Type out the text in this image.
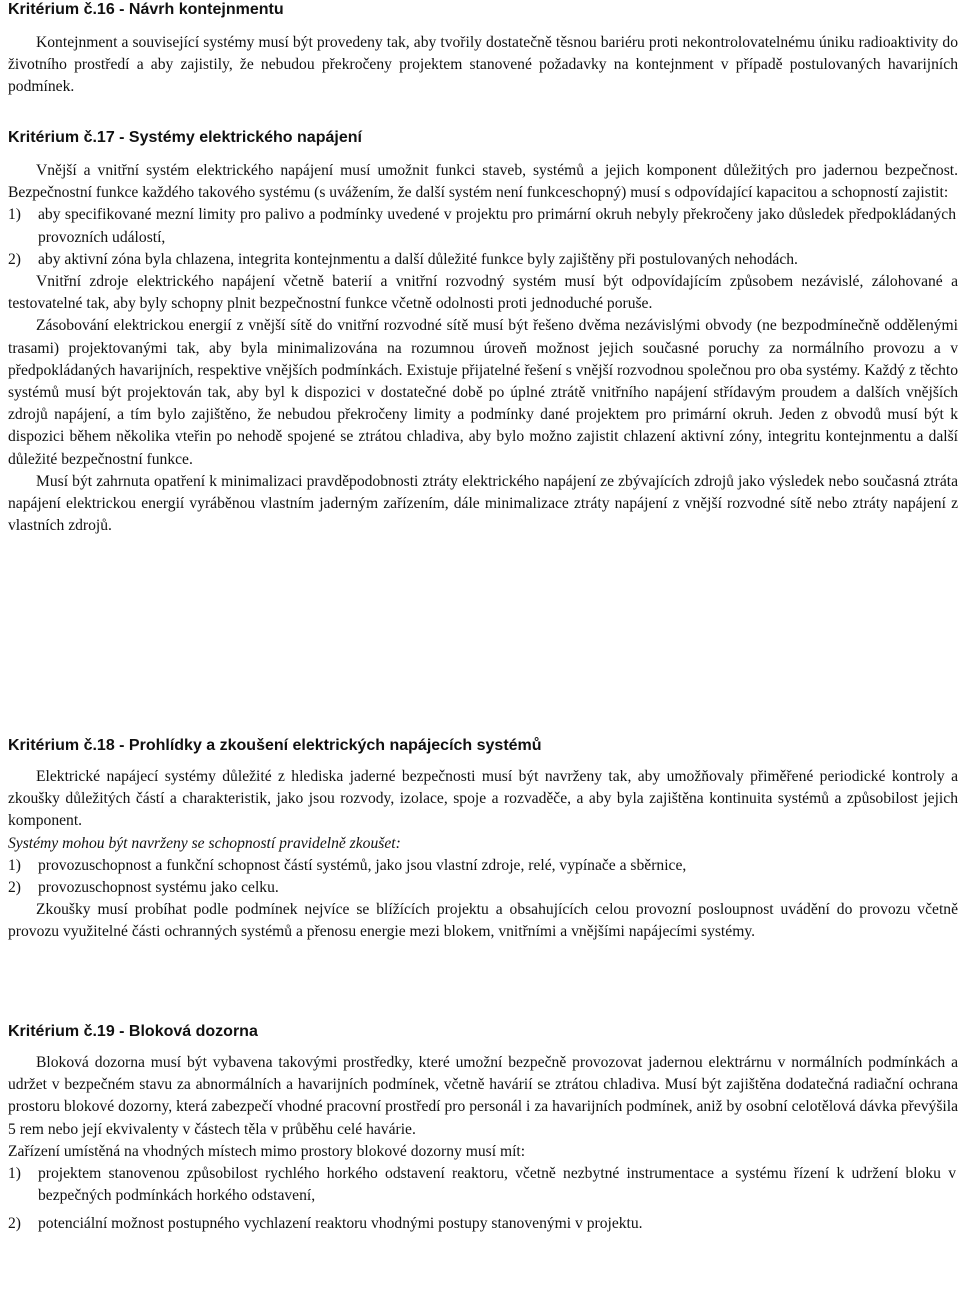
Kritérium č.16 - Návrh kontejnmentu

Kontejnment a související systémy musí být provedeny tak, aby tvořily dostatečně těsnou bariéru proti nekontrolovatelnému úniku radioaktivity do životního prostředí a aby zajistily, že nebudou překročeny projektem stanovené požadavky na kontejnment v případě postulovaných havarijních podmínek.

Kritérium č.17 - Systémy elektrického napájení

Vnější a vnitřní systém elektrického napájení musí umožnit funkci staveb, systémů a jejich komponent důležitých pro jadernou bezpečnost. Bezpečnostní funkce každého takového systému (s uvážením, že další systém není funkceschopný) musí s odpovídající kapacitou a schopností zajistit:

1)	aby specifikované mezní limity pro palivo a podmínky uvedené v projektu pro primární okruh nebyly překročeny jako důsledek předpokládaných provozních událostí,
2)	aby aktivní zóna byla chlazena, integrita kontejnmentu a další důležité funkce byly zajištěny při postulovaných nehodách.

Vnitřní zdroje elektrického napájení včetně baterií a vnitřní rozvodný systém musí být odpovídajícím způsobem nezávislé, zálohované a testovatelné tak, aby byly schopny plnit bezpečnostní funkce včetně odolnosti proti jednoduché poruše.

Zásobování elektrickou energií z vnější sítě do vnitřní rozvodné sítě musí být řešeno dvěma nezávislými obvody (ne bezpodmínečně oddělenými trasami) projektovanými tak, aby byla minimalizována na rozumnou úroveň možnost jejich současné poruchy za normálního provozu a v předpokládaných havarijních, respektive vnějších podmínkách. Existuje přijatelné řešení s vnější rozvodnou společnou pro oba systémy. Každý z těchto systémů musí být projektován tak, aby byl k dispozici v dostatečné době po úplné ztrátě vnitřního napájení střídavým proudem a dalších vnějších zdrojů napájení, a tím bylo zajištěno, že nebudou překročeny limity a podmínky dané projektem pro primární okruh. Jeden z obvodů musí být k dispozici během několika vteřin po nehodě spojené se ztrátou chladiva, aby bylo možno zajistit chlazení aktivní zóny, integritu kontejnmentu a další důležité bezpečnostní funkce.

Musí být zahrnuta opatření k minimalizaci pravděpodobnosti ztráty elektrického napájení ze zbývajících zdrojů jako výsledek nebo současná ztráta napájení elektrickou energií vyráběnou vlastním jaderným zařízením, dále minimalizace ztráty napájení z vnější rozvodné sítě nebo ztráty napájení z vlastních zdrojů.

Kritérium č.18 - Prohlídky a zkoušení elektrických napájecích systémů

Elektrické napájecí systémy důležité z hlediska jaderné bezpečnosti musí být navrženy tak, aby umožňovaly přiměřené periodické kontroly a zkoušky důležitých částí a charakteristik, jako jsou rozvody, izolace, spoje a rozvaděče, a aby byla zajištěna kontinuita systémů a způsobilost jejich komponent.

Systémy mohou být navrženy se schopností pravidelně zkoušet:

1)	provozuschopnost a funkční schopnost částí systémů, jako jsou vlastní zdroje, relé, vypínače a sběrnice,
2)	provozuschopnost systému jako celku.

Zkoušky musí probíhat podle podmínek nejvíce se blížících projektu a obsahujících celou provozní posloupnost uvádění do provozu včetně provozu využitelné části ochranných systémů a přenosu energie mezi blokem, vnitřními a vnějšími napájecími systémy.

Kritérium č.19 - Bloková dozorna

Bloková dozorna musí být vybavena takovými prostředky, které umožní bezpečně provozovat jadernou elektrárnu v normálních podmínkách a udržet v bezpečném stavu za abnormálních a havarijních podmínek, včetně havárií se ztrátou chladiva. Musí být zajištěna dodatečná radiační ochrana prostoru blokové dozorny, která zabezpečí vhodné pracovní prostředí pro personál i za havarijních podmínek, aniž by osobní celotělová dávka převýšila 5 rem nebo její ekvivalenty v částech těla v průběhu celé havárie.

Zařízení umístěná na vhodných místech mimo prostory blokové dozorny musí mít:

1)	projektem stanovenou způsobilost rychlého horkého odstavení reaktoru, včetně nezbytné instrumentace a systému řízení k udržení bloku v bezpečných podmínkách horkého odstavení,
2)	potenciální možnost postupného vychlazení reaktoru vhodnými postupy stanovenými v projektu.
